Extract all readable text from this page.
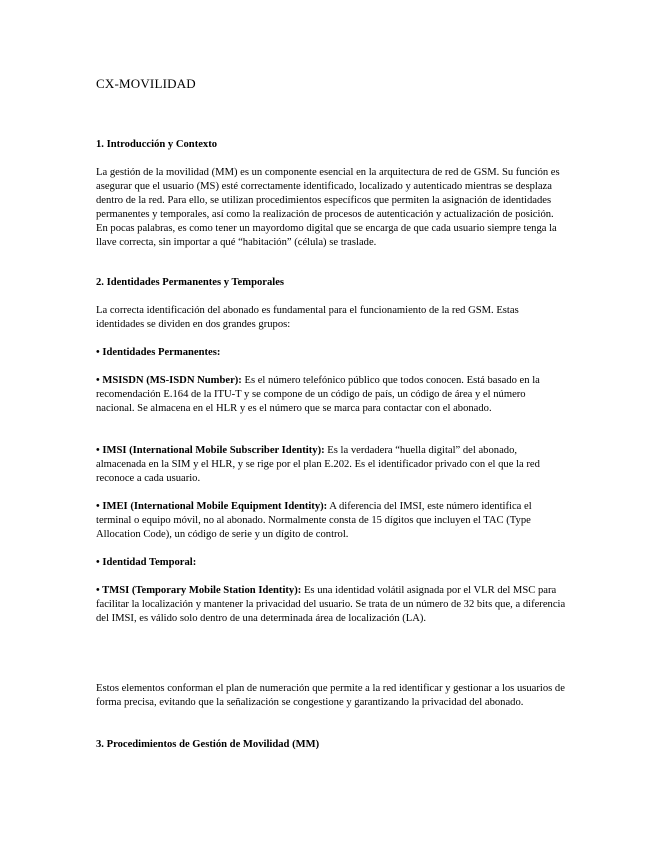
CX-MOVILIDAD
1. Introducción y Contexto
La gestión de la movilidad (MM) es un componente esencial en la arquitectura de red de GSM. Su función es asegurar que el usuario (MS) esté correctamente identificado, localizado y autenticado mientras se desplaza dentro de la red. Para ello, se utilizan procedimientos específicos que permiten la asignación de identidades permanentes y temporales, así como la realización de procesos de autenticación y actualización de posición. En pocas palabras, es como tener un mayordomo digital que se encarga de que cada usuario siempre tenga la llave correcta, sin importar a qué “habitación” (célula) se traslade.
2. Identidades Permanentes y Temporales
La correcta identificación del abonado es fundamental para el funcionamiento de la red GSM. Estas identidades se dividen en dos grandes grupos:
• Identidades Permanentes:
• MSISDN (MS-ISDN Number): Es el número telefónico público que todos conocen. Está basado en la recomendación E.164 de la ITU-T y se compone de un código de país, un código de área y el número nacional. Se almacena en el HLR y es el número que se marca para contactar con el abonado.
• IMSI (International Mobile Subscriber Identity): Es la verdadera “huella digital” del abonado, almacenada en la SIM y el HLR, y se rige por el plan E.202. Es el identificador privado con el que la red reconoce a cada usuario.
• IMEI (International Mobile Equipment Identity): A diferencia del IMSI, este número identifica el terminal o equipo móvil, no al abonado. Normalmente consta de 15 dígitos que incluyen el TAC (Type Allocation Code), un código de serie y un dígito de control.
• Identidad Temporal:
• TMSI (Temporary Mobile Station Identity): Es una identidad volátil asignada por el VLR del MSC para facilitar la localización y mantener la privacidad del usuario. Se trata de un número de 32 bits que, a diferencia del IMSI, es válido solo dentro de una determinada área de localización (LA).
Estos elementos conforman el plan de numeración que permite a la red identificar y gestionar a los usuarios de forma precisa, evitando que la señalización se congestione y garantizando la privacidad del abonado.
3. Procedimientos de Gestión de Movilidad (MM)
